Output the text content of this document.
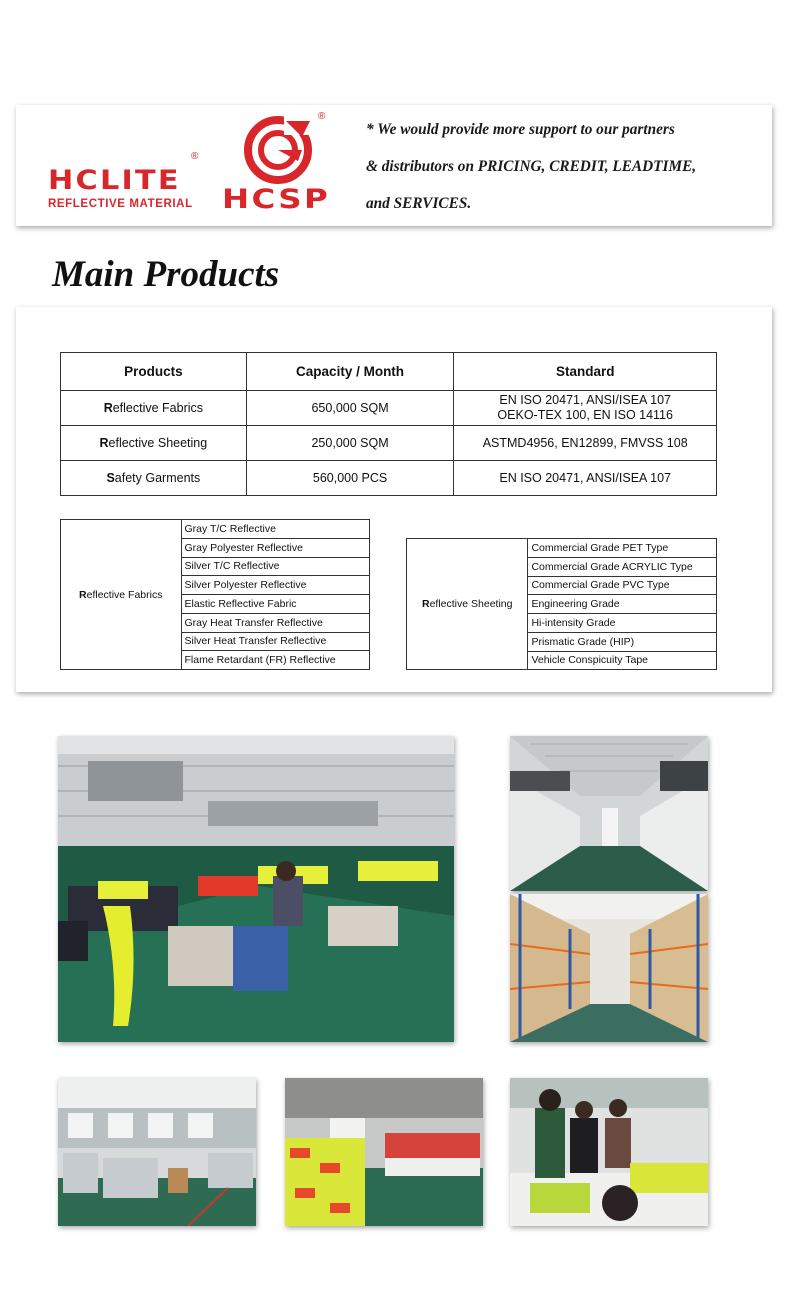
HCLITE
REFLECTIVE MATERIAL
®
®
HCSP
* We would provide more support to our partners
& distributors on PRICING, CREDIT, LEADTIME,
and SERVICES.
Main Products
Products	Capacity / Month	Standard
Reflective Fabrics	650,000 SQM	EN ISO 20471, ANSI/ISEA 107
OEKO-TEX 100, EN ISO 14116

Reflective Sheeting	250,000 SQM	ASTMD4956, EN12899, FMVSS 108
Safety Garments	560,000 PCS	EN ISO 20471, ANSI/ISEA 107
Reflective Fabrics	Gray T/C Reflective
Gray Polyester Reflective
Silver T/C Reflective
Silver Polyester Reflective
Elastic Reflective Fabric
Gray Heat Transfer Reflective
Silver Heat Transfer Reflective
Flame Retardant (FR) Reflective
Reflective Sheeting	Commercial Grade PET Type
Commercial Grade ACRYLIC Type
Commercial Grade PVC Type
Engineering Grade
Hi-intensity Grade
Prismatic Grade (HIP)
Vehicle Conspicuity Tape
